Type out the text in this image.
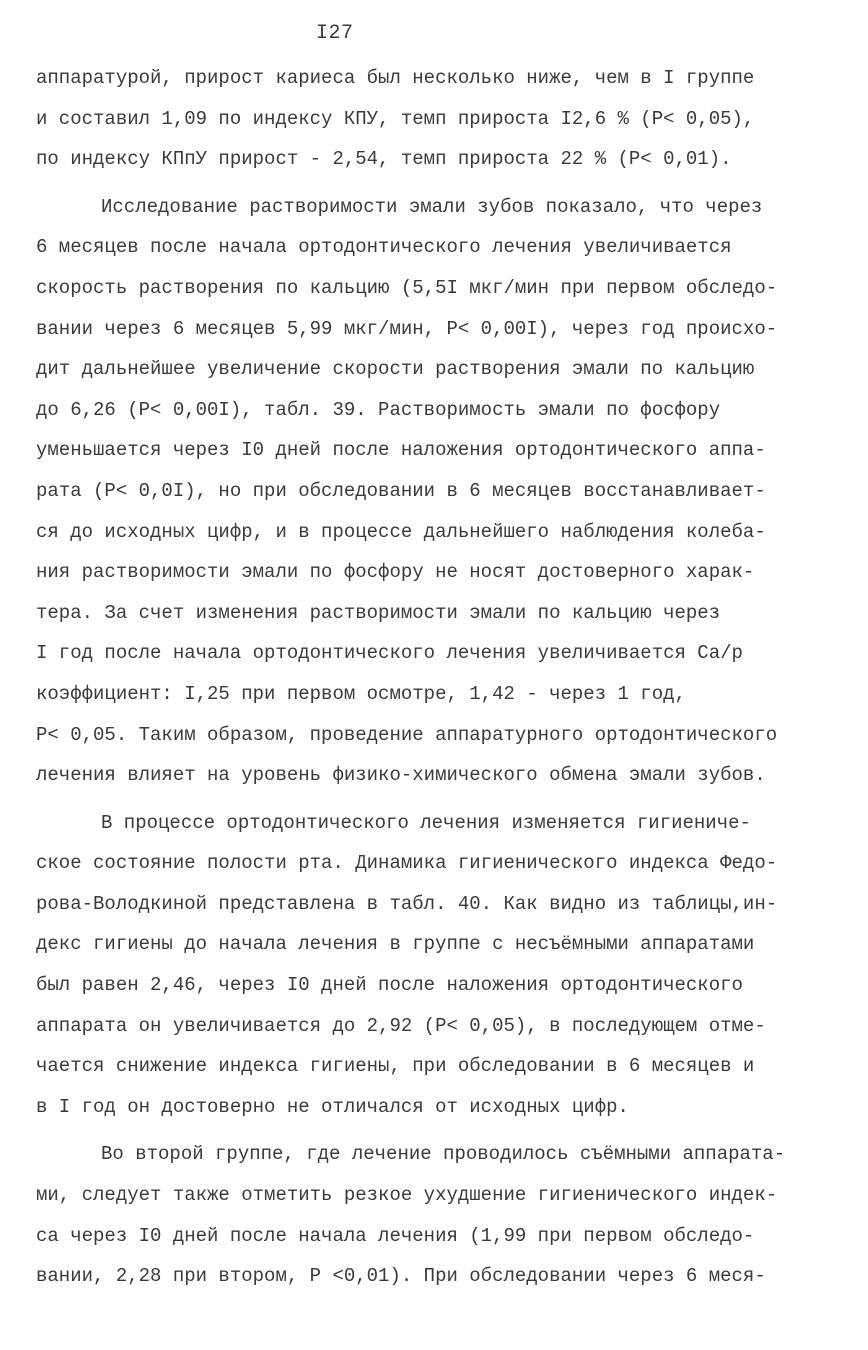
I27
аппаратурой, прирост кариеса был несколько ниже, чем в I группе
и составил 1,09 по индексу КПУ, темп прироста I2,6 % (P< 0,05),
по индексу КПпУ прирост - 2,54, темп прироста 22 % (P< 0,01).
Исследование растворимости эмали зубов показало, что через
6 месяцев после начала ортодонтического лечения увеличивается
скорость растворения по кальцию (5,5I мкг/мин при первом обследо-
вании через 6 месяцев 5,99 мкг/мин, P< 0,00I), через год происхо-
дит дальнейшее увеличение скорости растворения эмали по кальцию
до 6,26 (P< 0,00I), табл. 39. Растворимость эмали по фосфору
уменьшается через I0 дней после наложения ортодонтического аппа-
рата (P< 0,0I), но при обследовании в 6 месяцев восстанавливает-
ся до исходных цифр, и в процессе дальнейшего наблюдения колеба-
ния растворимости эмали по фосфору не носят достоверного харак-
тера. За счет изменения растворимости эмали по кальцию через
I год после начала ортодонтического лечения увеличивается Са/р
коэффициент: I,25 при первом осмотре, 1,42 - через 1 год,
P< 0,05. Таким образом, проведение аппаратурного ортодонтического
лечения влияет на уровень физико-химического обмена эмали зубов.
В процессе ортодонтического лечения изменяется гигиениче-
ское состояние полости рта. Динамика гигиенического индекса Федо-
рова-Володкиной представлена в табл. 40. Как видно из таблицы,ин-
декс гигиены до начала лечения в группе с несъёмными аппаратами
был равен 2,46, через I0 дней после наложения ортодонтического
аппарата он увеличивается до 2,92 (P< 0,05), в последующем отме-
чается снижение индекса гигиены, при обследовании в 6 месяцев и
в I год он достоверно не отличался от исходных цифр.
Во второй группе, где лечение проводилось съёмными аппарата-
ми, следует также отметить резкое ухудшение гигиенического индек-
са через I0 дней после начала лечения (1,99 при первом обследо-
вании, 2,28 при втором, P <0,01). При обследовании через 6 меся-
